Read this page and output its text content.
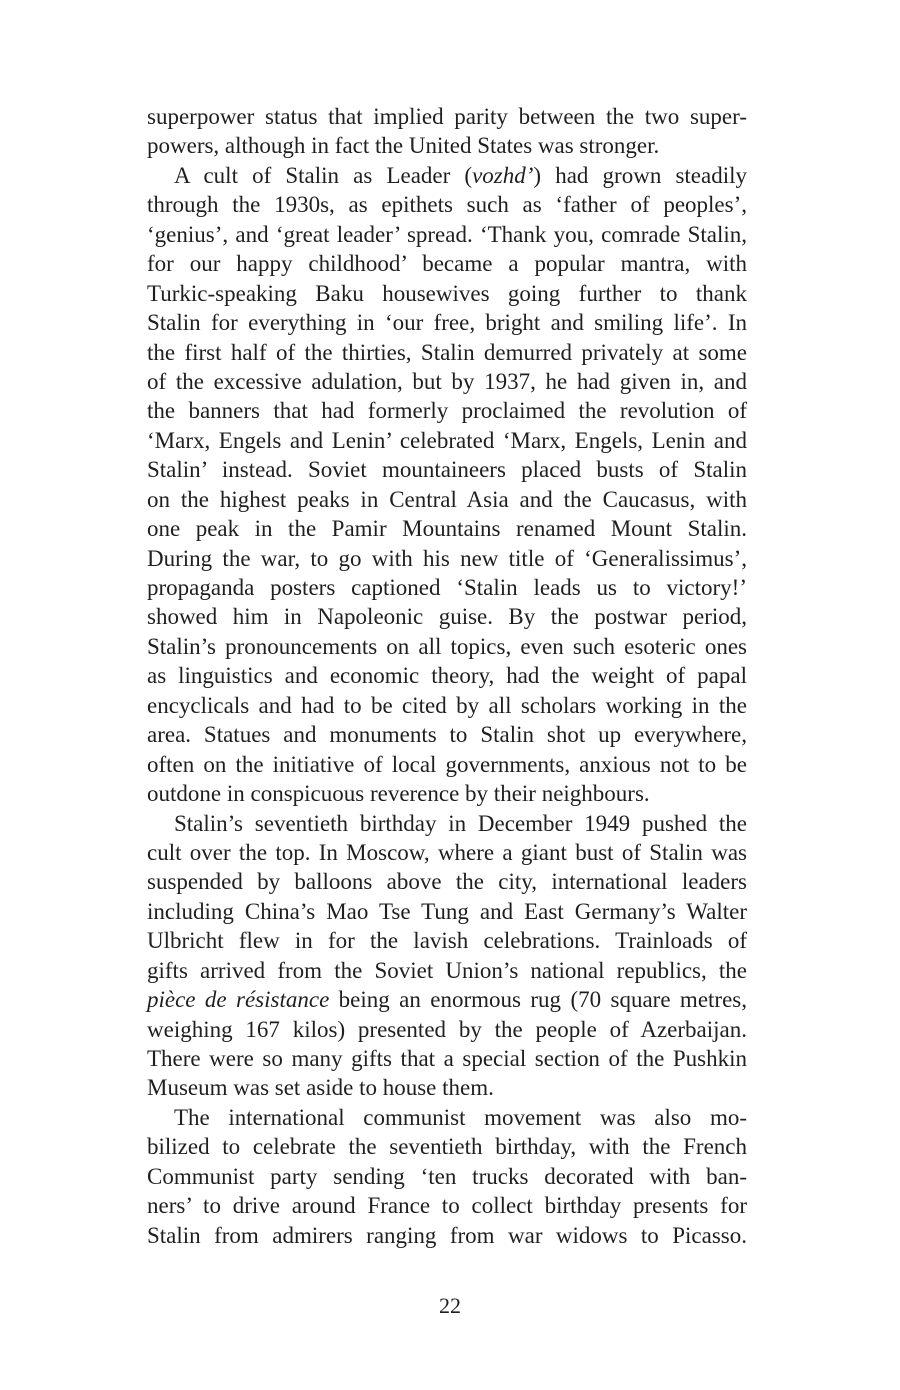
superpower status that implied parity between the two super-
powers, although in fact the United States was stronger.
A cult of Stalin as Leader (vozhd’) had grown steadily
through the 1930s, as epithets such as ‘father of peoples’,
‘genius’, and ‘great leader’ spread. ‘Thank you, comrade Stalin,
for our happy childhood’ became a popular mantra, with
Turkic-speaking Baku housewives going further to thank
Stalin for everything in ‘our free, bright and smiling life’. In
the first half of the thirties, Stalin demurred privately at some
of the excessive adulation, but by 1937, he had given in, and
the banners that had formerly proclaimed the revolution of
‘Marx, Engels and Lenin’ celebrated ‘Marx, Engels, Lenin and
Stalin’ instead. Soviet mountaineers placed busts of Stalin
on the highest peaks in Central Asia and the Caucasus, with
one peak in the Pamir Mountains renamed Mount Stalin.
During the war, to go with his new title of ‘Generalissimus’,
propaganda posters captioned ‘Stalin leads us to victory!’
showed him in Napoleonic guise. By the postwar period,
Stalin’s pronouncements on all topics, even such esoteric ones
as linguistics and economic theory, had the weight of papal
encyclicals and had to be cited by all scholars working in the
area. Statues and monuments to Stalin shot up everywhere,
often on the initiative of local governments, anxious not to be
outdone in conspicuous reverence by their neighbours.
Stalin’s seventieth birthday in December 1949 pushed the
cult over the top. In Moscow, where a giant bust of Stalin was
suspended by balloons above the city, international leaders
including China’s Mao Tse Tung and East Germany’s Walter
Ulbricht flew in for the lavish celebrations. Trainloads of
gifts arrived from the Soviet Union’s national republics, the
pièce de résistance being an enormous rug (70 square metres,
weighing 167 kilos) presented by the people of Azerbaijan.
There were so many gifts that a special section of the Pushkin
Museum was set aside to house them.
The international communist movement was also mo-
bilized to celebrate the seventieth birthday, with the French
Communist party sending ‘ten trucks decorated with ban-
ners’ to drive around France to collect birthday presents for
Stalin from admirers ranging from war widows to Picasso.
22
